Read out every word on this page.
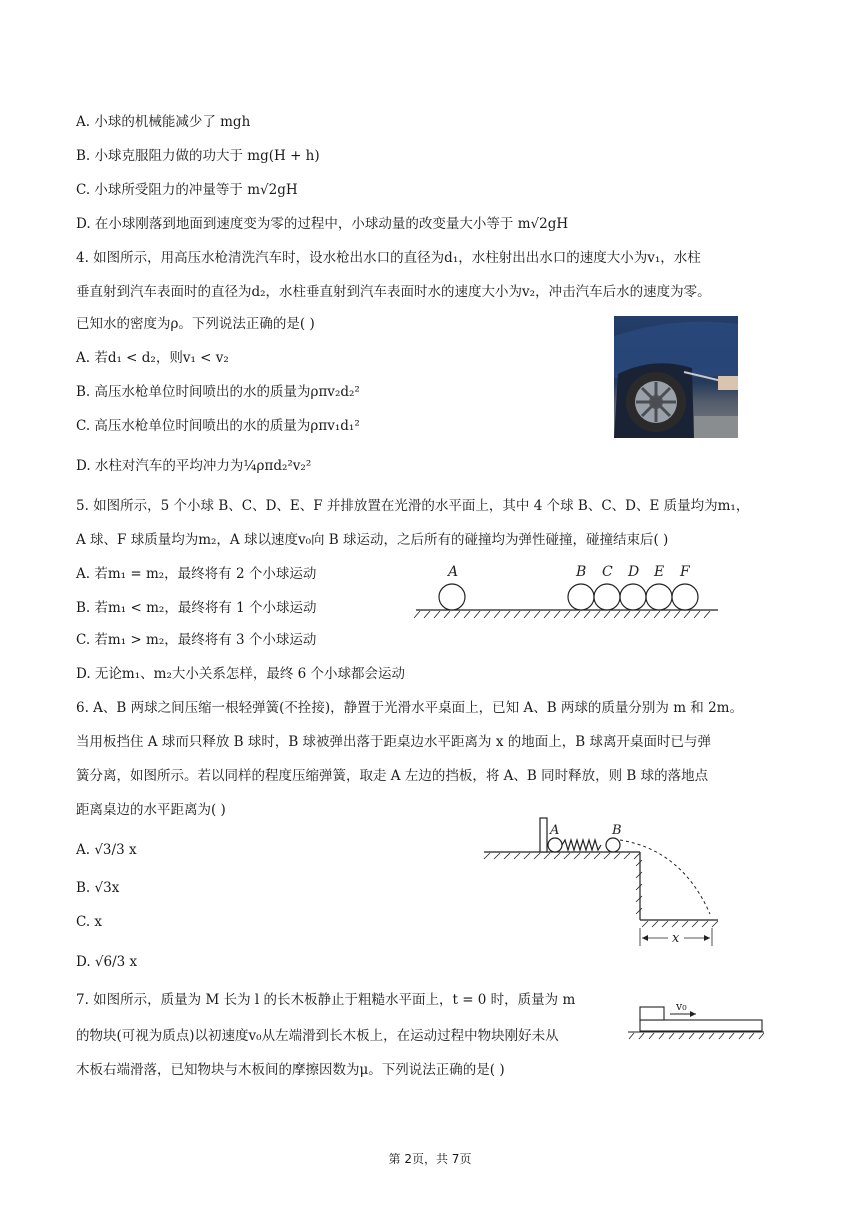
A. 小球的机械能减少了 mgh
B. 小球克服阻力做的功大于 mg(H + h)
C. 小球所受阻力的冲量等于 m√2gH
D. 在小球刚落到地面到速度变为零的过程中，小球动量的改变量大小等于 m√2gH
4. 如图所示，用高压水枪清洗汽车时，设水枪出水口的直径为d₁，水柱射出出水口的速度大小为v₁，水柱
垂直射到汽车表面时的直径为d₂，水柱垂直射到汽车表面时水的速度大小为v₂，冲击汽车后水的速度为零。
已知水的密度为ρ。下列说法正确的是( )
A. 若d₁ < d₂，则v₁ < v₂
B. 高压水枪单位时间喷出的水的质量为ρπv₂d₂²
C. 高压水枪单位时间喷出的水的质量为ρπv₁d₁²
D. 水柱对汽车的平均冲力为¼ρπd₂²v₂²
5. 如图所示，5 个小球 B、C、D、E、F 并排放置在光滑的水平面上，其中 4 个球 B、C、D、E 质量均为m₁，
A 球、F 球质量均为m₂，A 球以速度v₀向 B 球运动，之后所有的碰撞均为弹性碰撞，碰撞结束后( )
A. 若m₁ = m₂，最终将有 2 个小球运动
B. 若m₁ < m₂，最终将有 1 个小球运动
C. 若m₁ > m₂，最终将有 3 个小球运动
D. 无论m₁、m₂大小关系怎样，最终 6 个小球都会运动
A	B C D E F
6. A、B 两球之间压缩一根轻弹簧(不拴接)，静置于光滑水平桌面上，已知 A、B 两球的质量分别为 m 和 2m。
当用板挡住 A 球而只释放 B 球时，B 球被弹出落于距桌边水平距离为 x 的地面上，B 球离开桌面时已与弹
簧分离，如图所示。若以同样的程度压缩弹簧，取走 A 左边的挡板，将 A、B 同时释放，则 B 球的落地点
距离桌边的水平距离为( )
A. √3/3 x
B. √3x
C. x
D. √6/3 x
A	B
x
7. 如图所示，质量为 M 长为 l 的长木板静止于粗糙水平面上，t = 0 时，质量为 m
的物块(可视为质点)以初速度v₀从左端滑到长木板上，在运动过程中物块刚好未从
木板右端滑落，已知物块与木板间的摩擦因数为μ。下列说法正确的是( )
v₀
第 2页，共 7页
